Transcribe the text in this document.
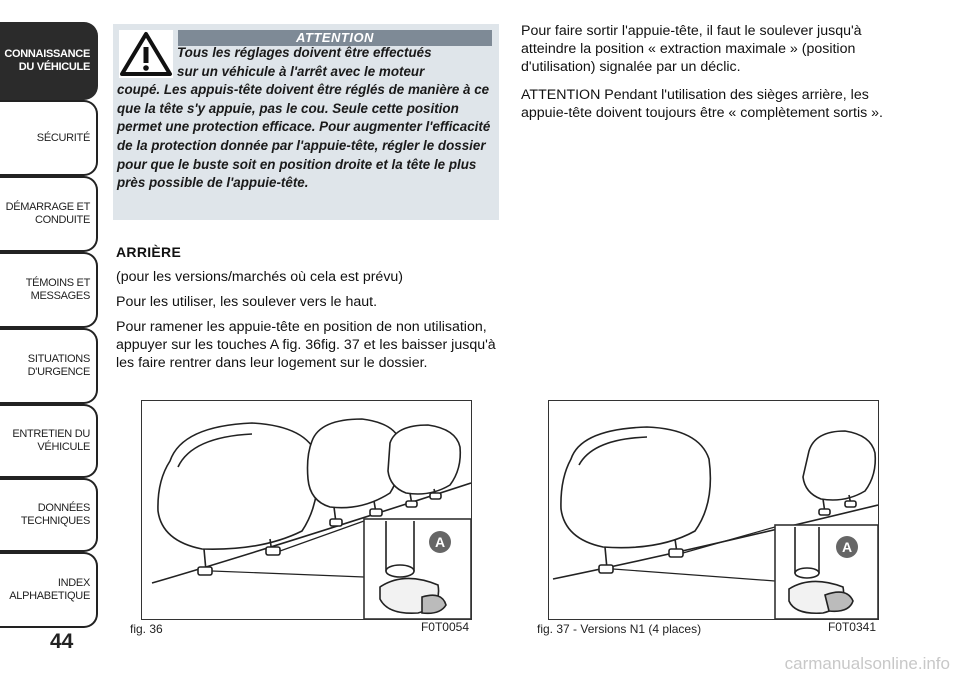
CONNAISSANCE
DU VÉHICULE
SÉCURITÉ
DÉMARRAGE ET
CONDUITE
TÉMOINS ET
MESSAGES
SITUATIONS
D'URGENCE
ENTRETIEN DU
VÉHICULE
DONNÉES
TECHNIQUES
INDEX
ALPHABETIQUE
44
ATTENTION
Tous les réglages doivent être effectués
sur un véhicule à l'arrêt avec le moteur
coupé. Les appuis-tête doivent être réglés de manière à ce que la tête s'y appuie, pas le cou. Seule cette position permet une protection efficace. Pour augmenter l'efficacité de la protection donnée par l'appuie-tête, régler le dossier pour que le buste soit en position droite et la tête le plus près possible de l'appuie-tête.

ARRIÈRE

(pour les versions/marchés où cela est prévu)

Pour les utiliser, les soulever vers le haut.

Pour ramener les appuie-tête en position de non utilisation, appuyer sur les touches A fig. 36fig. 37 et les baisser jusqu'à les faire rentrer dans leur logement sur le dossier.

Pour faire sortir l'appuie-tête, il faut le soulever jusqu'à atteindre la position « extraction maximale » (position d'utilisation) signalée par un déclic.

ATTENTION Pendant l'utilisation des sièges arrière, les appuie-tête doivent toujours être « complètement sortis ».

A
fig. 36	F0T0054
A
fig. 37 - Versions N1 (4 places)	F0T0341
carmanualsonline.info
